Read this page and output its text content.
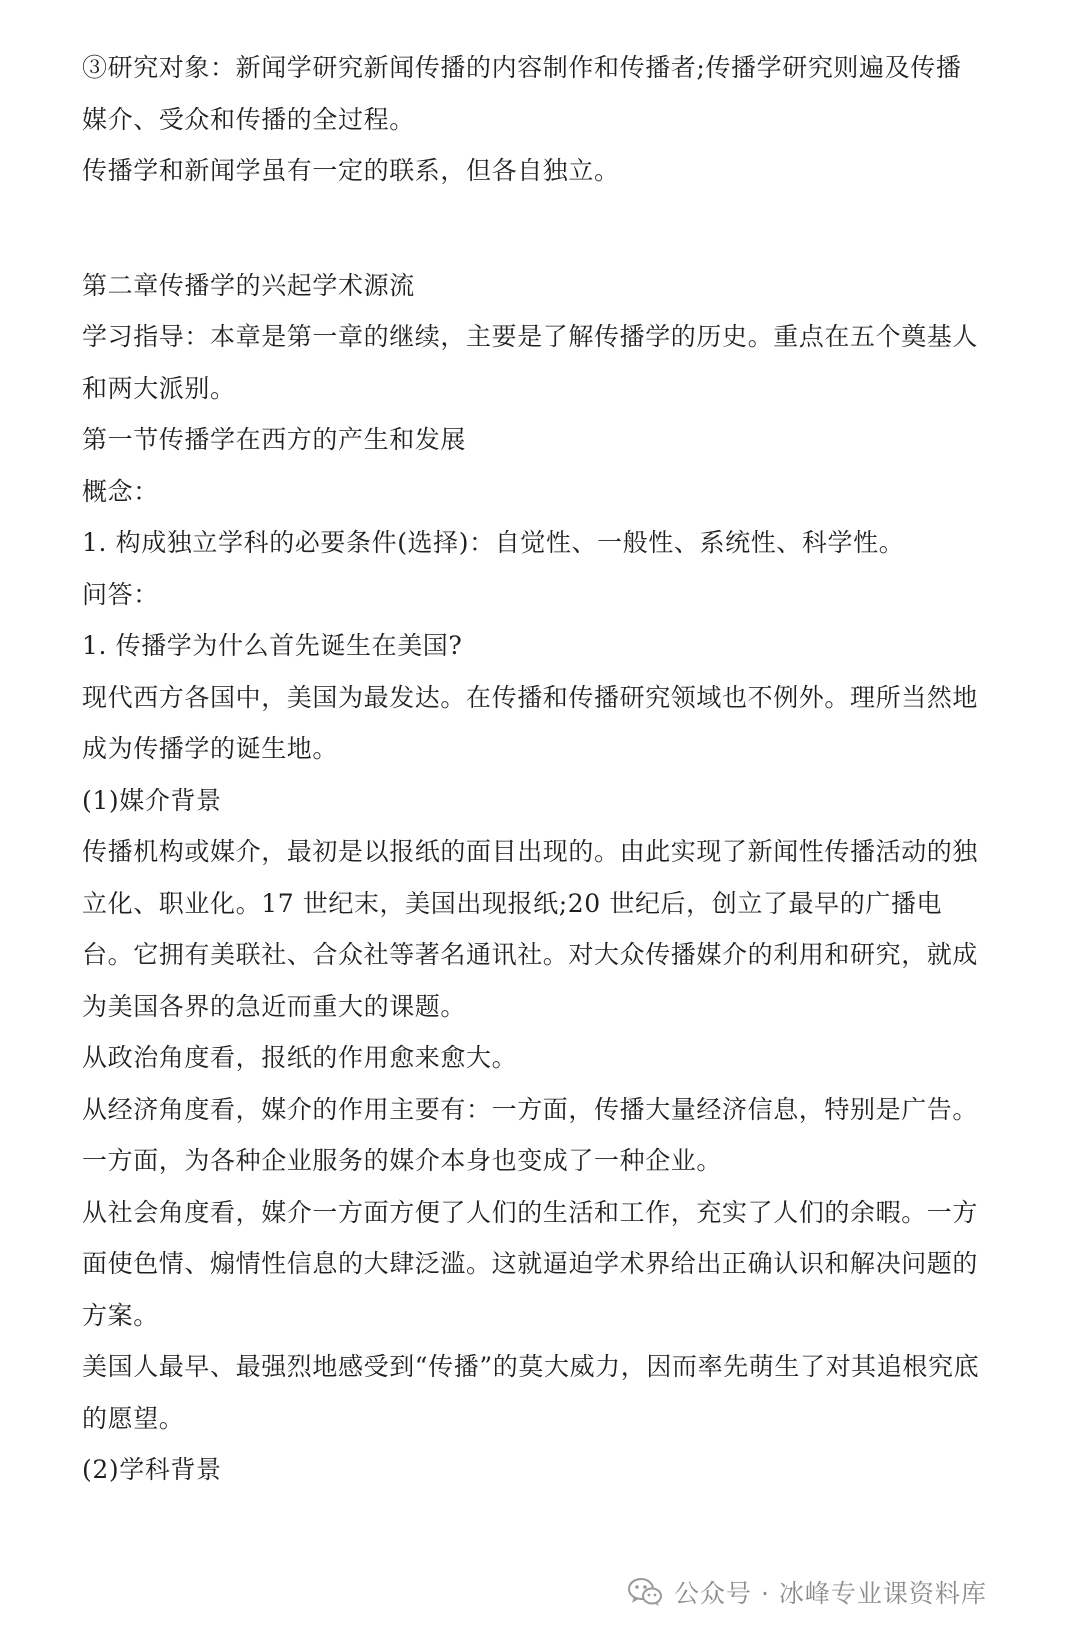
③研究对象：新闻学研究新闻传播的内容制作和传播者;传播学研究则遍及传播媒介、受众和传播的全过程。

传播学和新闻学虽有一定的联系，但各自独立。

第二章传播学的兴起学术源流

学习指导：本章是第一章的继续，主要是了解传播学的历史。重点在五个奠基人和两大派别。

第一节传播学在西方的产生和发展

概念：

1. 构成独立学科的必要条件(选择)：自觉性、一般性、系统性、科学性。

问答：

1. 传播学为什么首先诞生在美国?

现代西方各国中，美国为最发达。在传播和传播研究领域也不例外。理所当然地成为传播学的诞生地。

(1)媒介背景

传播机构或媒介，最初是以报纸的面目出现的。由此实现了新闻性传播活动的独立化、职业化。17 世纪末，美国出现报纸;20 世纪后，创立了最早的广播电台。它拥有美联社、合众社等著名通讯社。对大众传播媒介的利用和研究，就成为美国各界的急近而重大的课题。

从政治角度看，报纸的作用愈来愈大。

从经济角度看，媒介的作用主要有：一方面，传播大量经济信息，特别是广告。一方面，为各种企业服务的媒介本身也变成了一种企业。

从社会角度看，媒介一方面方便了人们的生活和工作，充实了人们的余暇。一方面使色情、煽情性信息的大肆泛滥。这就逼迫学术界给出正确认识和解决问题的方案。

美国人最早、最强烈地感受到“传播”的莫大威力，因而率先萌生了对其追根究底的愿望。

(2)学科背景

公众号 · 冰峰专业课资料库
